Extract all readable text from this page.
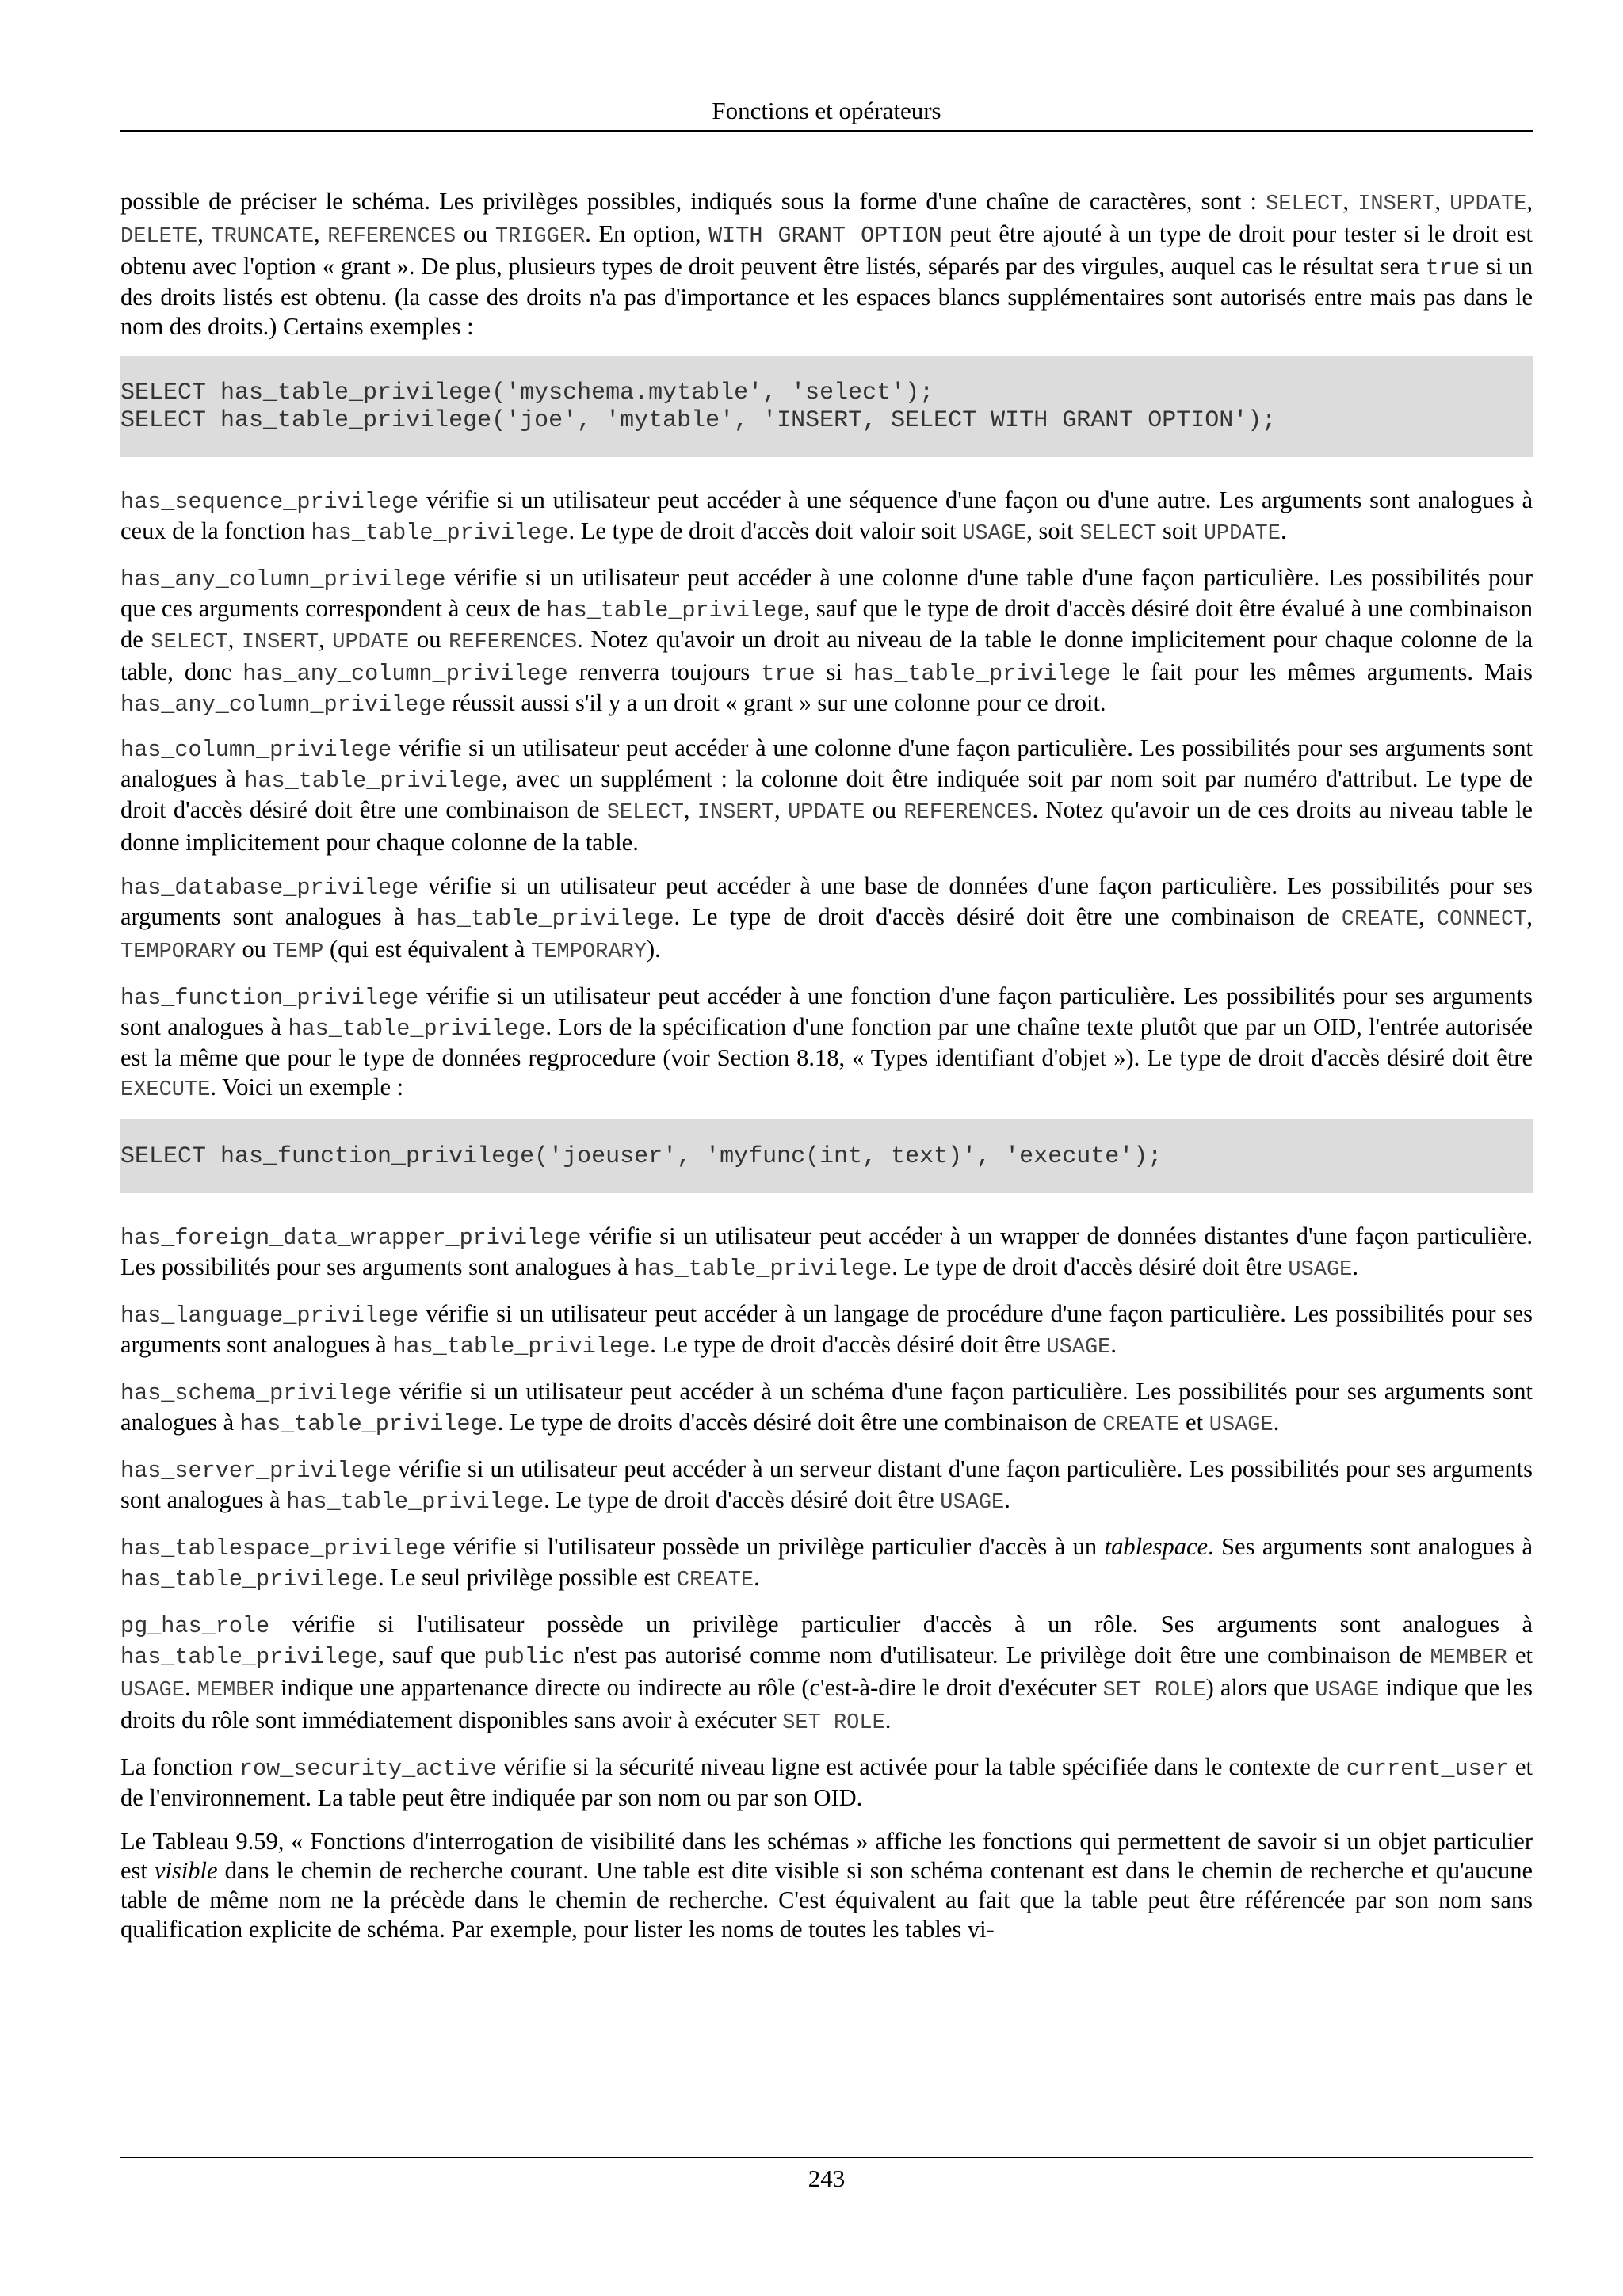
Fonctions et opérateurs

possible de préciser le schéma. Les privilèges possibles, indiqués sous la forme d'une chaîne de caractères, sont : SELECT, INSERT, UPDATE, DELETE, TRUNCATE, REFERENCES ou TRIGGER. En option, WITH GRANT OPTION peut être ajouté à un type de droit pour tester si le droit est obtenu avec l'option « grant ». De plus, plusieurs types de droit peuvent être listés, séparés par des virgules, auquel cas le résultat sera true si un des droits listés est obtenu. (la casse des droits n'a pas d'importance et les espaces blancs supplémentaires sont autorisés entre mais pas dans le nom des droits.) Certains exemples :

SELECT has_table_privilege('myschema.mytable', 'select');
SELECT has_table_privilege('joe', 'mytable', 'INSERT, SELECT WITH GRANT OPTION');

has_sequence_privilege vérifie si un utilisateur peut accéder à une séquence d'une façon ou d'une autre. Les arguments sont analogues à ceux de la fonction has_table_privilege. Le type de droit d'accès doit valoir soit USAGE, soit SELECT soit UPDATE.

has_any_column_privilege vérifie si un utilisateur peut accéder à une colonne d'une table d'une façon particulière. Les possibilités pour que ces arguments correspondent à ceux de has_table_privilege, sauf que le type de droit d'accès désiré doit être évalué à une combinaison de SELECT, INSERT, UPDATE ou REFERENCES. Notez qu'avoir un droit au niveau de la table le donne implicitement pour chaque colonne de la table, donc has_any_column_privilege renverra toujours true si has_table_privilege le fait pour les mêmes arguments. Mais has_any_column_privilege réussit aussi s'il y a un droit « grant » sur une colonne pour ce droit.

has_column_privilege vérifie si un utilisateur peut accéder à une colonne d'une façon particulière. Les possibilités pour ses arguments sont analogues à has_table_privilege, avec un supplément : la colonne doit être indiquée soit par nom soit par numéro d'attribut. Le type de droit d'accès désiré doit être une combinaison de SELECT, INSERT, UPDATE ou REFERENCES. Notez qu'avoir un de ces droits au niveau table le donne implicitement pour chaque colonne de la table.

has_database_privilege vérifie si un utilisateur peut accéder à une base de données d'une façon particulière. Les possibilités pour ses arguments sont analogues à has_table_privilege. Le type de droit d'accès désiré doit être une combinaison de CREATE, CONNECT, TEMPORARY ou TEMP (qui est équivalent à TEMPORARY).

has_function_privilege vérifie si un utilisateur peut accéder à une fonction d'une façon particulière. Les possibilités pour ses arguments sont analogues à has_table_privilege. Lors de la spécification d'une fonction par une chaîne texte plutôt que par un OID, l'entrée autorisée est la même que pour le type de données regprocedure (voir Section 8.18, « Types identifiant d'objet »). Le type de droit d'accès désiré doit être EXECUTE. Voici un exemple :

SELECT has_function_privilege('joeuser', 'myfunc(int, text)', 'execute');

has_foreign_data_wrapper_privilege vérifie si un utilisateur peut accéder à un wrapper de données distantes d'une façon particulière. Les possibilités pour ses arguments sont analogues à has_table_privilege. Le type de droit d'accès désiré doit être USAGE.

has_language_privilege vérifie si un utilisateur peut accéder à un langage de procédure d'une façon particulière. Les possibilités pour ses arguments sont analogues à has_table_privilege. Le type de droit d'accès désiré doit être USAGE.

has_schema_privilege vérifie si un utilisateur peut accéder à un schéma d'une façon particulière. Les possibilités pour ses arguments sont analogues à has_table_privilege. Le type de droits d'accès désiré doit être une combinaison de CREATE et USAGE.

has_server_privilege vérifie si un utilisateur peut accéder à un serveur distant d'une façon particulière. Les possibilités pour ses arguments sont analogues à has_table_privilege. Le type de droit d'accès désiré doit être USAGE.

has_tablespace_privilege vérifie si l'utilisateur possède un privilège particulier d'accès à un tablespace. Ses arguments sont analogues à has_table_privilege. Le seul privilège possible est CREATE.

pg_has_role vérifie si l'utilisateur possède un privilège particulier d'accès à un rôle. Ses arguments sont analogues à has_table_privilege, sauf que public n'est pas autorisé comme nom d'utilisateur. Le privilège doit être une combinaison de MEMBER et USAGE. MEMBER indique une appartenance directe ou indirecte au rôle (c'est-à-dire le droit d'exécuter SET ROLE) alors que USAGE indique que les droits du rôle sont immédiatement disponibles sans avoir à exécuter SET ROLE.

La fonction row_security_active vérifie si la sécurité niveau ligne est activée pour la table spécifiée dans le contexte de current_user et de l'environnement. La table peut être indiquée par son nom ou par son OID.

Le Tableau 9.59, « Fonctions d'interrogation de visibilité dans les schémas » affiche les fonctions qui permettent de savoir si un objet particulier est visible dans le chemin de recherche courant. Une table est dite visible si son schéma contenant est dans le chemin de recherche et qu'aucune table de même nom ne la précède dans le chemin de recherche. C'est équivalent au fait que la table peut être référencée par son nom sans qualification explicite de schéma. Par exemple, pour lister les noms de toutes les tables vi-

243
